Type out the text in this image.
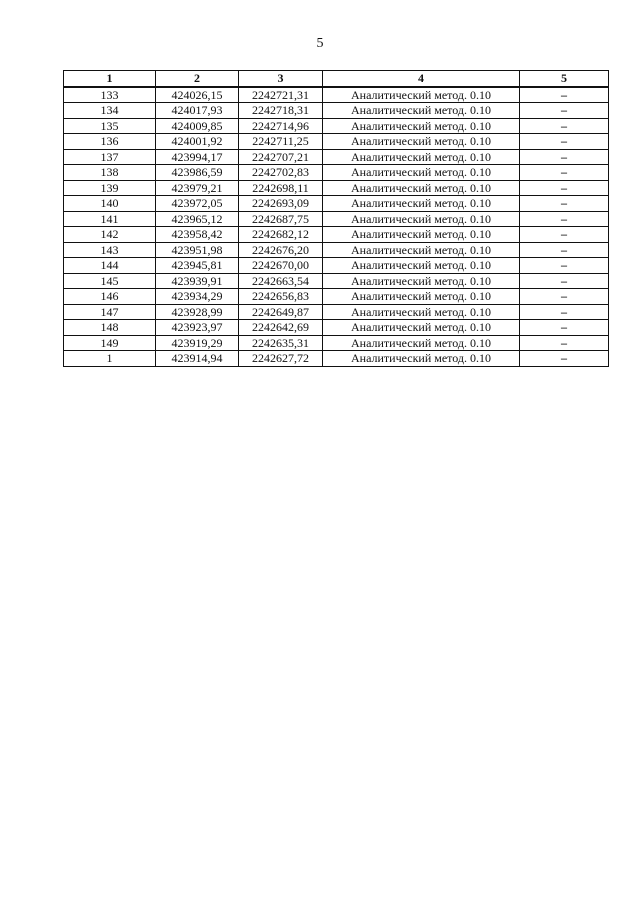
5
1	2	3	4	5
133	424026,15	2242721,31	Аналитический метод. 0.10	–
134	424017,93	2242718,31	Аналитический метод. 0.10	–
135	424009,85	2242714,96	Аналитический метод. 0.10	–
136	424001,92	2242711,25	Аналитический метод. 0.10	–
137	423994,17	2242707,21	Аналитический метод. 0.10	–
138	423986,59	2242702,83	Аналитический метод. 0.10	–
139	423979,21	2242698,11	Аналитический метод. 0.10	–
140	423972,05	2242693,09	Аналитический метод. 0.10	–
141	423965,12	2242687,75	Аналитический метод. 0.10	–
142	423958,42	2242682,12	Аналитический метод. 0.10	–
143	423951,98	2242676,20	Аналитический метод. 0.10	–
144	423945,81	2242670,00	Аналитический метод. 0.10	–
145	423939,91	2242663,54	Аналитический метод. 0.10	–
146	423934,29	2242656,83	Аналитический метод. 0.10	–
147	423928,99	2242649,87	Аналитический метод. 0.10	–
148	423923,97	2242642,69	Аналитический метод. 0.10	–
149	423919,29	2242635,31	Аналитический метод. 0.10	–
1	423914,94	2242627,72	Аналитический метод. 0.10	–
